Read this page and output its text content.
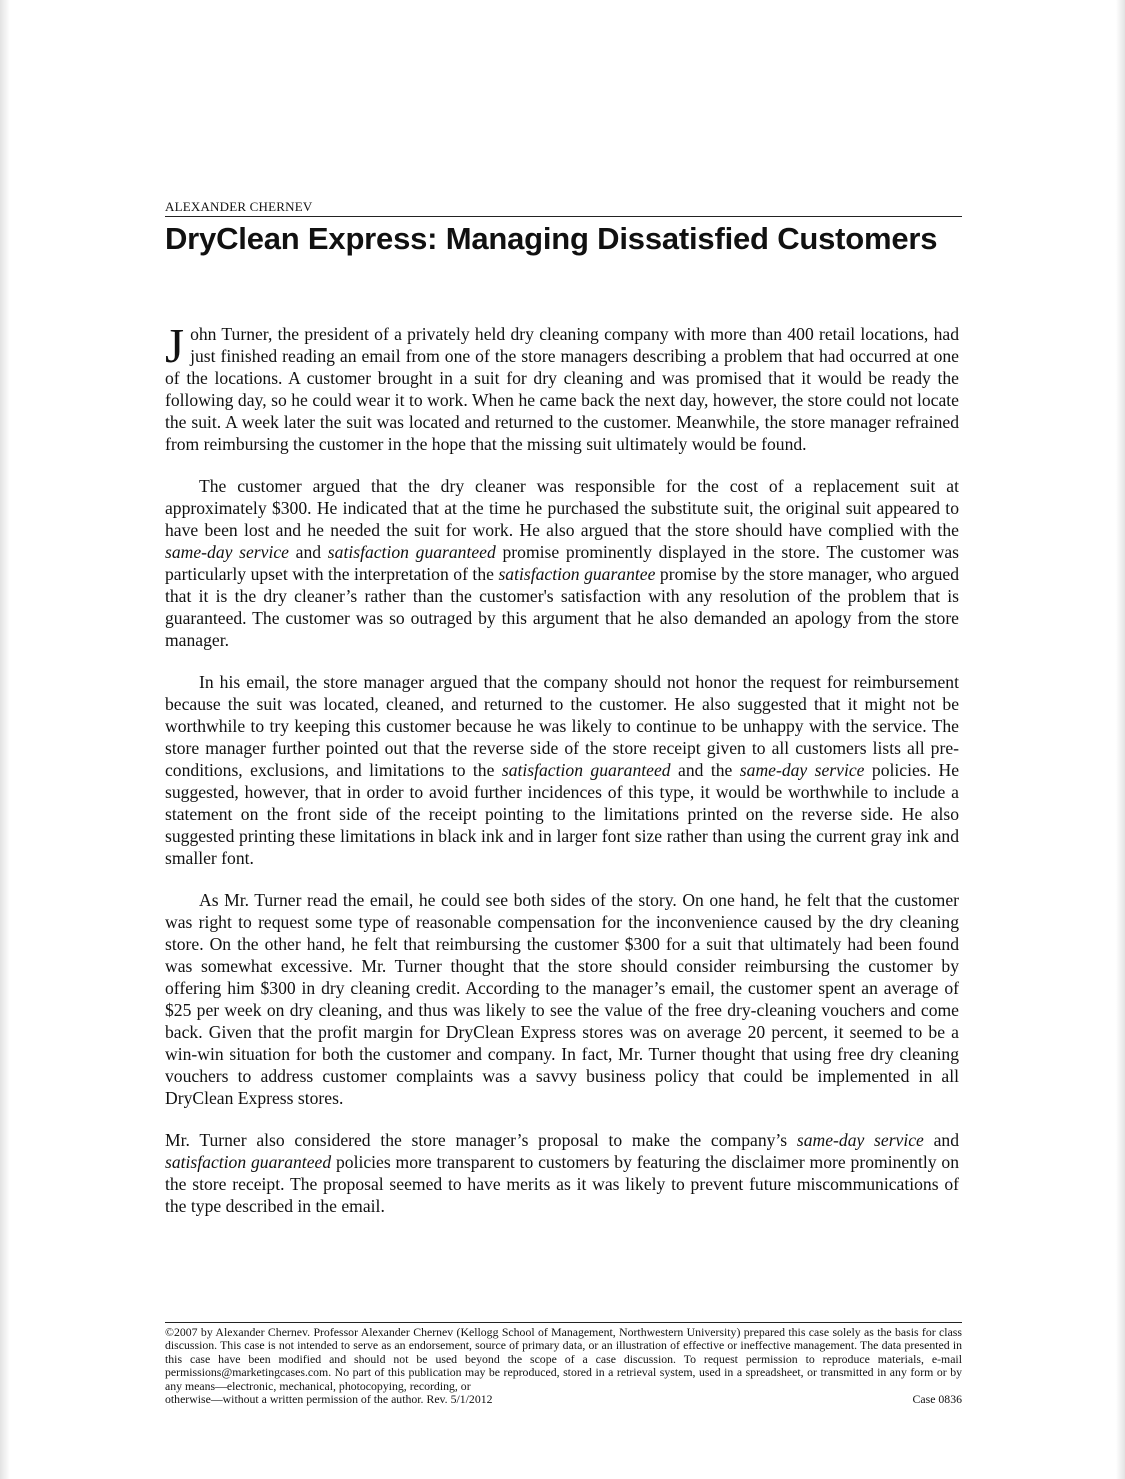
ALEXANDER CHERNEV
DryClean Express: Managing Dissatisfied Customers

John Turner, the president of a privately held dry cleaning company with more than 400 retail locations, had just finished reading an email from one of the store managers describing a problem that had occurred at one of the locations. A customer brought in a suit for dry cleaning and was promised that it would be ready the following day, so he could wear it to work. When he came back the next day, however, the store could not locate the suit. A week later the suit was located and returned to the customer. Meanwhile, the store manager refrained from reimbursing the customer in the hope that the missing suit ultimately would be found.

The customer argued that the dry cleaner was responsible for the cost of a replacement suit at approximately $300. He indicated that at the time he purchased the substitute suit, the original suit appeared to have been lost and he needed the suit for work. He also argued that the store should have complied with the same-day service and satisfaction guaranteed promise prominently displayed in the store. The customer was particularly upset with the interpretation of the satisfaction guarantee promise by the store manager, who argued that it is the dry cleaner’s rather than the customer's satisfaction with any resolution of the problem that is guaranteed. The customer was so outraged by this argument that he also demanded an apology from the store manager.

In his email, the store manager argued that the company should not honor the request for reimbursement because the suit was located, cleaned, and returned to the customer. He also suggested that it might not be worthwhile to try keeping this customer because he was likely to continue to be unhappy with the service. The store manager further pointed out that the reverse side of the store receipt given to all customers lists all pre-conditions, exclusions, and limitations to the satisfaction guaranteed and the same-day service policies. He suggested, however, that in order to avoid further incidences of this type, it would be worthwhile to include a statement on the front side of the receipt pointing to the limitations printed on the reverse side. He also suggested printing these limitations in black ink and in larger font size rather than using the current gray ink and smaller font.

As Mr. Turner read the email, he could see both sides of the story. On one hand, he felt that the customer was right to request some type of reasonable compensation for the inconvenience caused by the dry cleaning store. On the other hand, he felt that reimbursing the customer $300 for a suit that ultimately had been found was somewhat excessive. Mr. Turner thought that the store should consider reimbursing the customer by offering him $300 in dry cleaning credit. According to the manager’s email, the customer spent an average of $25 per week on dry cleaning, and thus was likely to see the value of the free dry-cleaning vouchers and come back. Given that the profit margin for DryClean Express stores was on average 20 percent, it seemed to be a win-win situation for both the customer and company. In fact, Mr. Turner thought that using free dry cleaning vouchers to address customer complaints was a savvy business policy that could be implemented in all DryClean Express stores.

Mr. Turner also considered the store manager’s proposal to make the company’s same-day service and satisfaction guaranteed policies more transparent to customers by featuring the disclaimer more prominently on the store receipt. The proposal seemed to have merits as it was likely to prevent future miscommunications of the type described in the email.

©2007 by Alexander Chernev. Professor Alexander Chernev (Kellogg School of Management, Northwestern University) prepared this case solely as the basis for class discussion. This case is not intended to serve as an endorsement, source of primary data, or an illustration of effective or ineffective management. The data presented in this case have been modified and should not be used beyond the scope of a case discussion. To request permission to reproduce materials, e-mail permissions@marketingcases.com. No part of this publication may be reproduced, stored in a retrieval system, used in a spreadsheet, or transmitted in any form or by any means—electronic, mechanical, photocopying, recording, or
otherwise—without a written permission of the author. Rev. 5/1/2012	Case 0836
